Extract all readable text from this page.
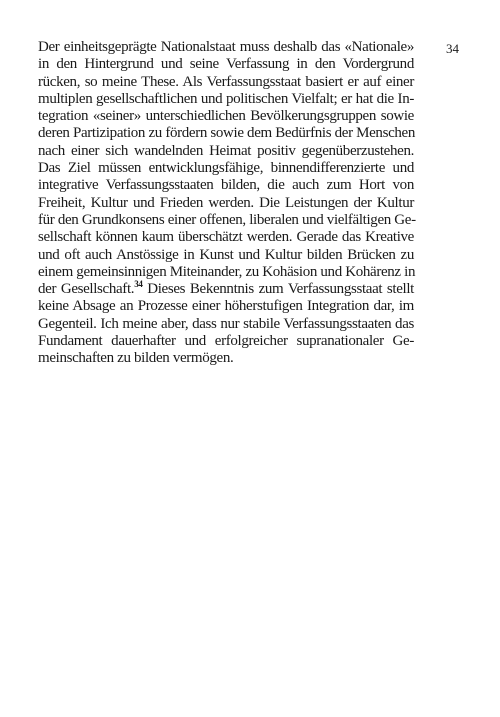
34
Der einheitsgeprägte Nationalstaat muss deshalb das «Nationale»
in den Hintergrund und seine Verfassung in den Vordergrund
rücken, so meine These. Als Verfassungsstaat basiert er auf einer
multiplen gesellschaftlichen und politischen Vielfalt; er hat die In-
tegration «seiner» unterschiedlichen Bevölkerungsgruppen sowie
deren Partizipation zu fördern sowie dem Bedürfnis der Menschen
nach einer sich wandelnden Heimat positiv gegenüberzustehen.
Das Ziel müssen entwicklungsfähige, binnendifferenzierte und
integrative Verfassungsstaaten bilden, die auch zum Hort von
Freiheit, Kultur und Frieden werden. Die Leistungen der Kultur
für den Grundkonsens einer offenen, liberalen und vielfältigen Ge-
sellschaft können kaum überschätzt werden. Gerade das Kreative
und oft auch Anstössige in Kunst und Kultur bilden Brücken zu
einem gemeinsinnigen Miteinander, zu Kohäsion und Kohärenz in
der Gesellschaft.$^{34}$ Dieses Bekenntnis zum Verfassungsstaat stellt
keine Absage an Prozesse einer höherstufigen Integration dar, im
Gegenteil. Ich meine aber, dass nur stabile Verfassungsstaaten das
Fundament dauerhafter und erfolgreicher supranationaler Ge-
meinschaften zu bilden vermögen.
